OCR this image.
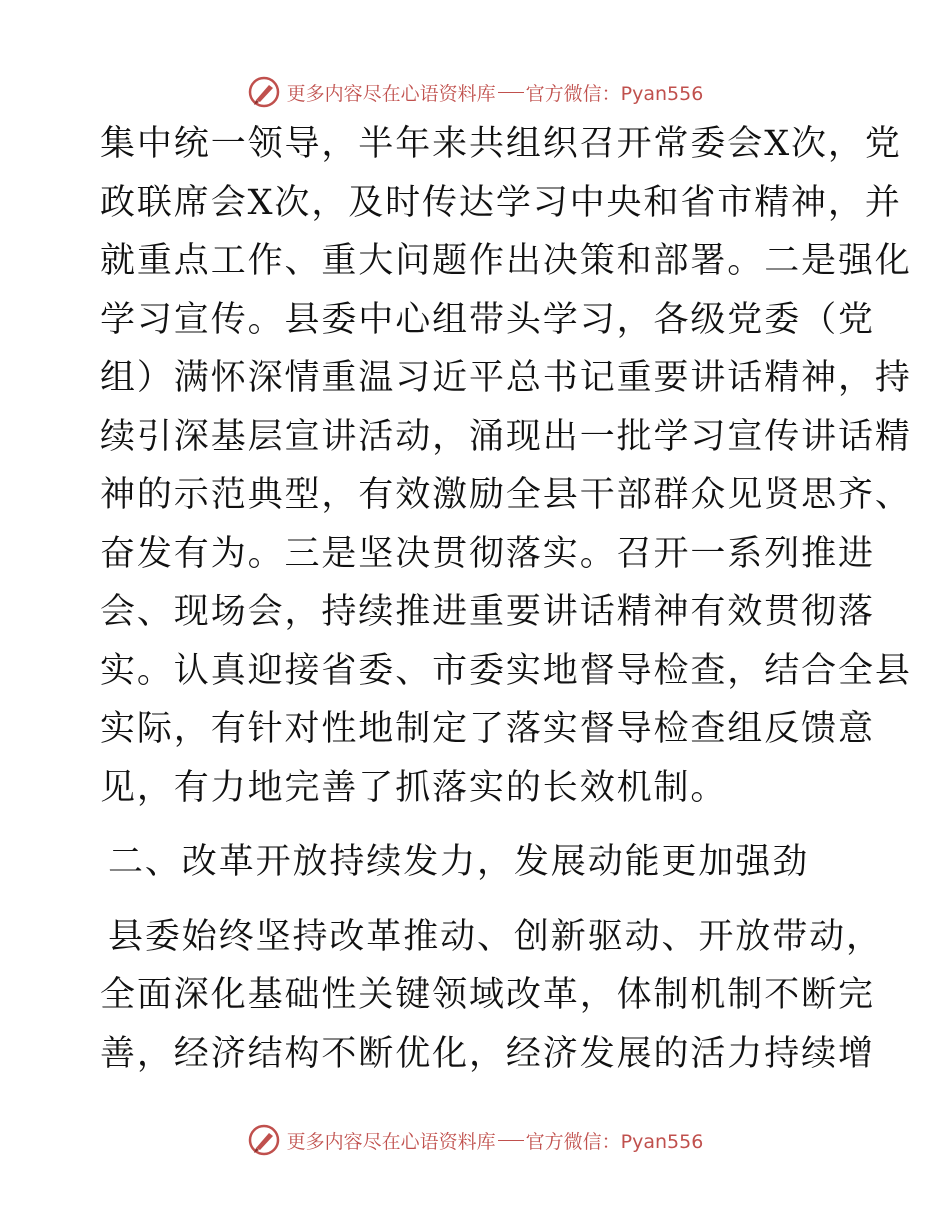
更多内容尽在心语资料库 官方微信：Pyan556
集中统一领导，半年来共组织召开常委会X次，党
政联席会X次，及时传达学习中央和省市精神，并
就重点工作、重大问题作出决策和部署。二是强化
学习宣传。县委中心组带头学习，各级党委（党
组）满怀深情重温习近平总书记重要讲话精神，持
续引深基层宣讲活动，涌现出一批学习宣传讲话精
神的示范典型，有效激励全县干部群众见贤思齐、
奋发有为。三是坚决贯彻落实。召开一系列推进
会、现场会，持续推进重要讲话精神有效贯彻落
实。认真迎接省委、市委实地督导检查，结合全县
实际，有针对性地制定了落实督导检查组反馈意
见，有力地完善了抓落实的长效机制。
二、改革开放持续发力，发展动能更加强劲
县委始终坚持改革推动、创新驱动、开放带动，
全面深化基础性关键领域改革，体制机制不断完
善，经济结构不断优化，经济发展的活力持续增
更多内容尽在心语资料库 官方微信：Pyan556
